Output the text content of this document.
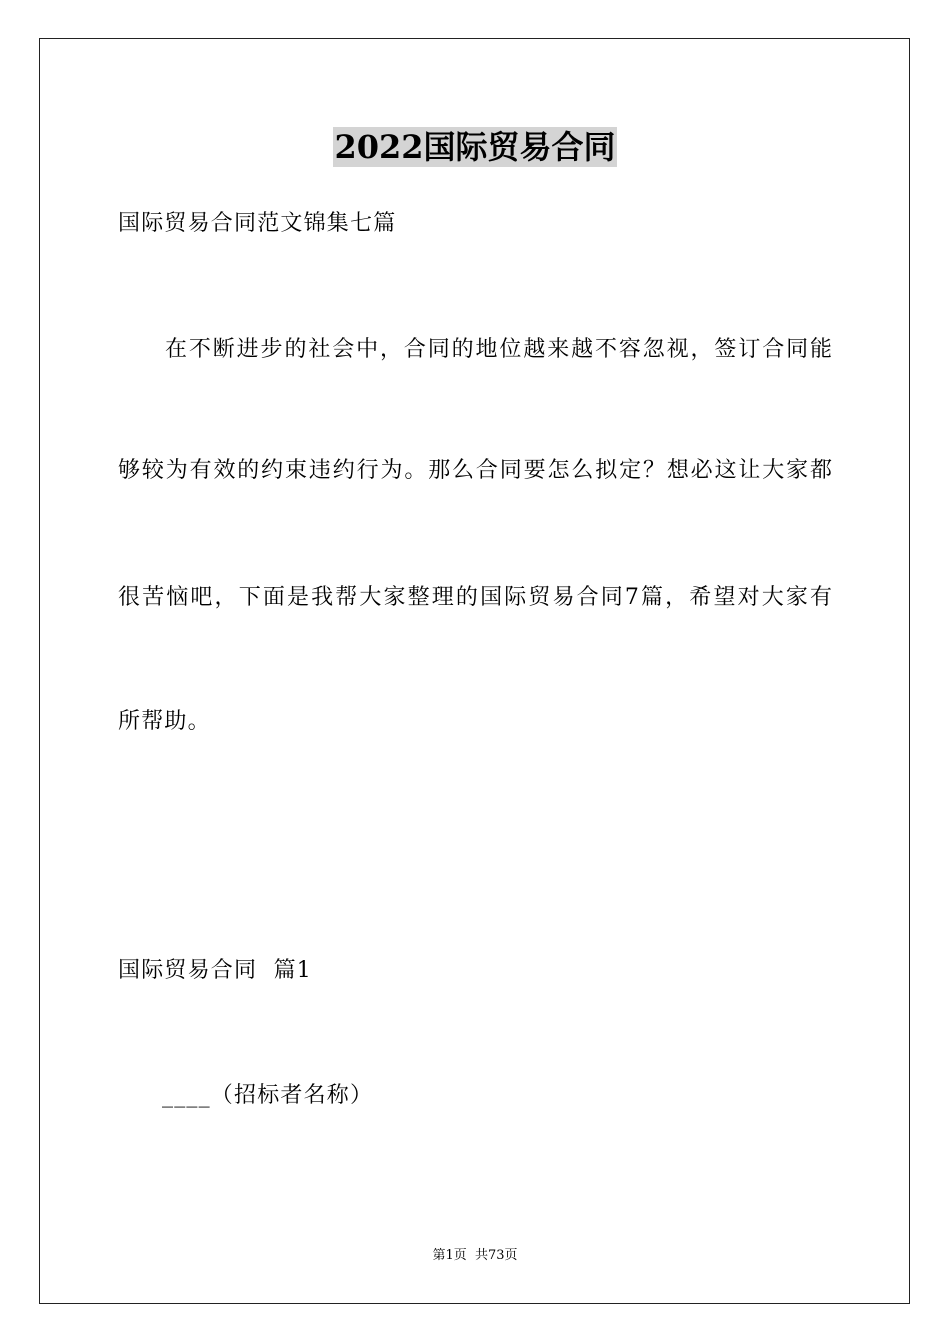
2022国际贸易合同
国际贸易合同范文锦集七篇
在不断进步的社会中，合同的地位越来越不容忽视，签订合同能
够较为有效的约束违约行为。那么合同要怎么拟定？想必这让大家都
很苦恼吧，下面是我帮大家整理的国际贸易合同7篇，希望对大家有
所帮助。
国际贸易合同  篇1
____（招标者名称）
第1页 共73页
